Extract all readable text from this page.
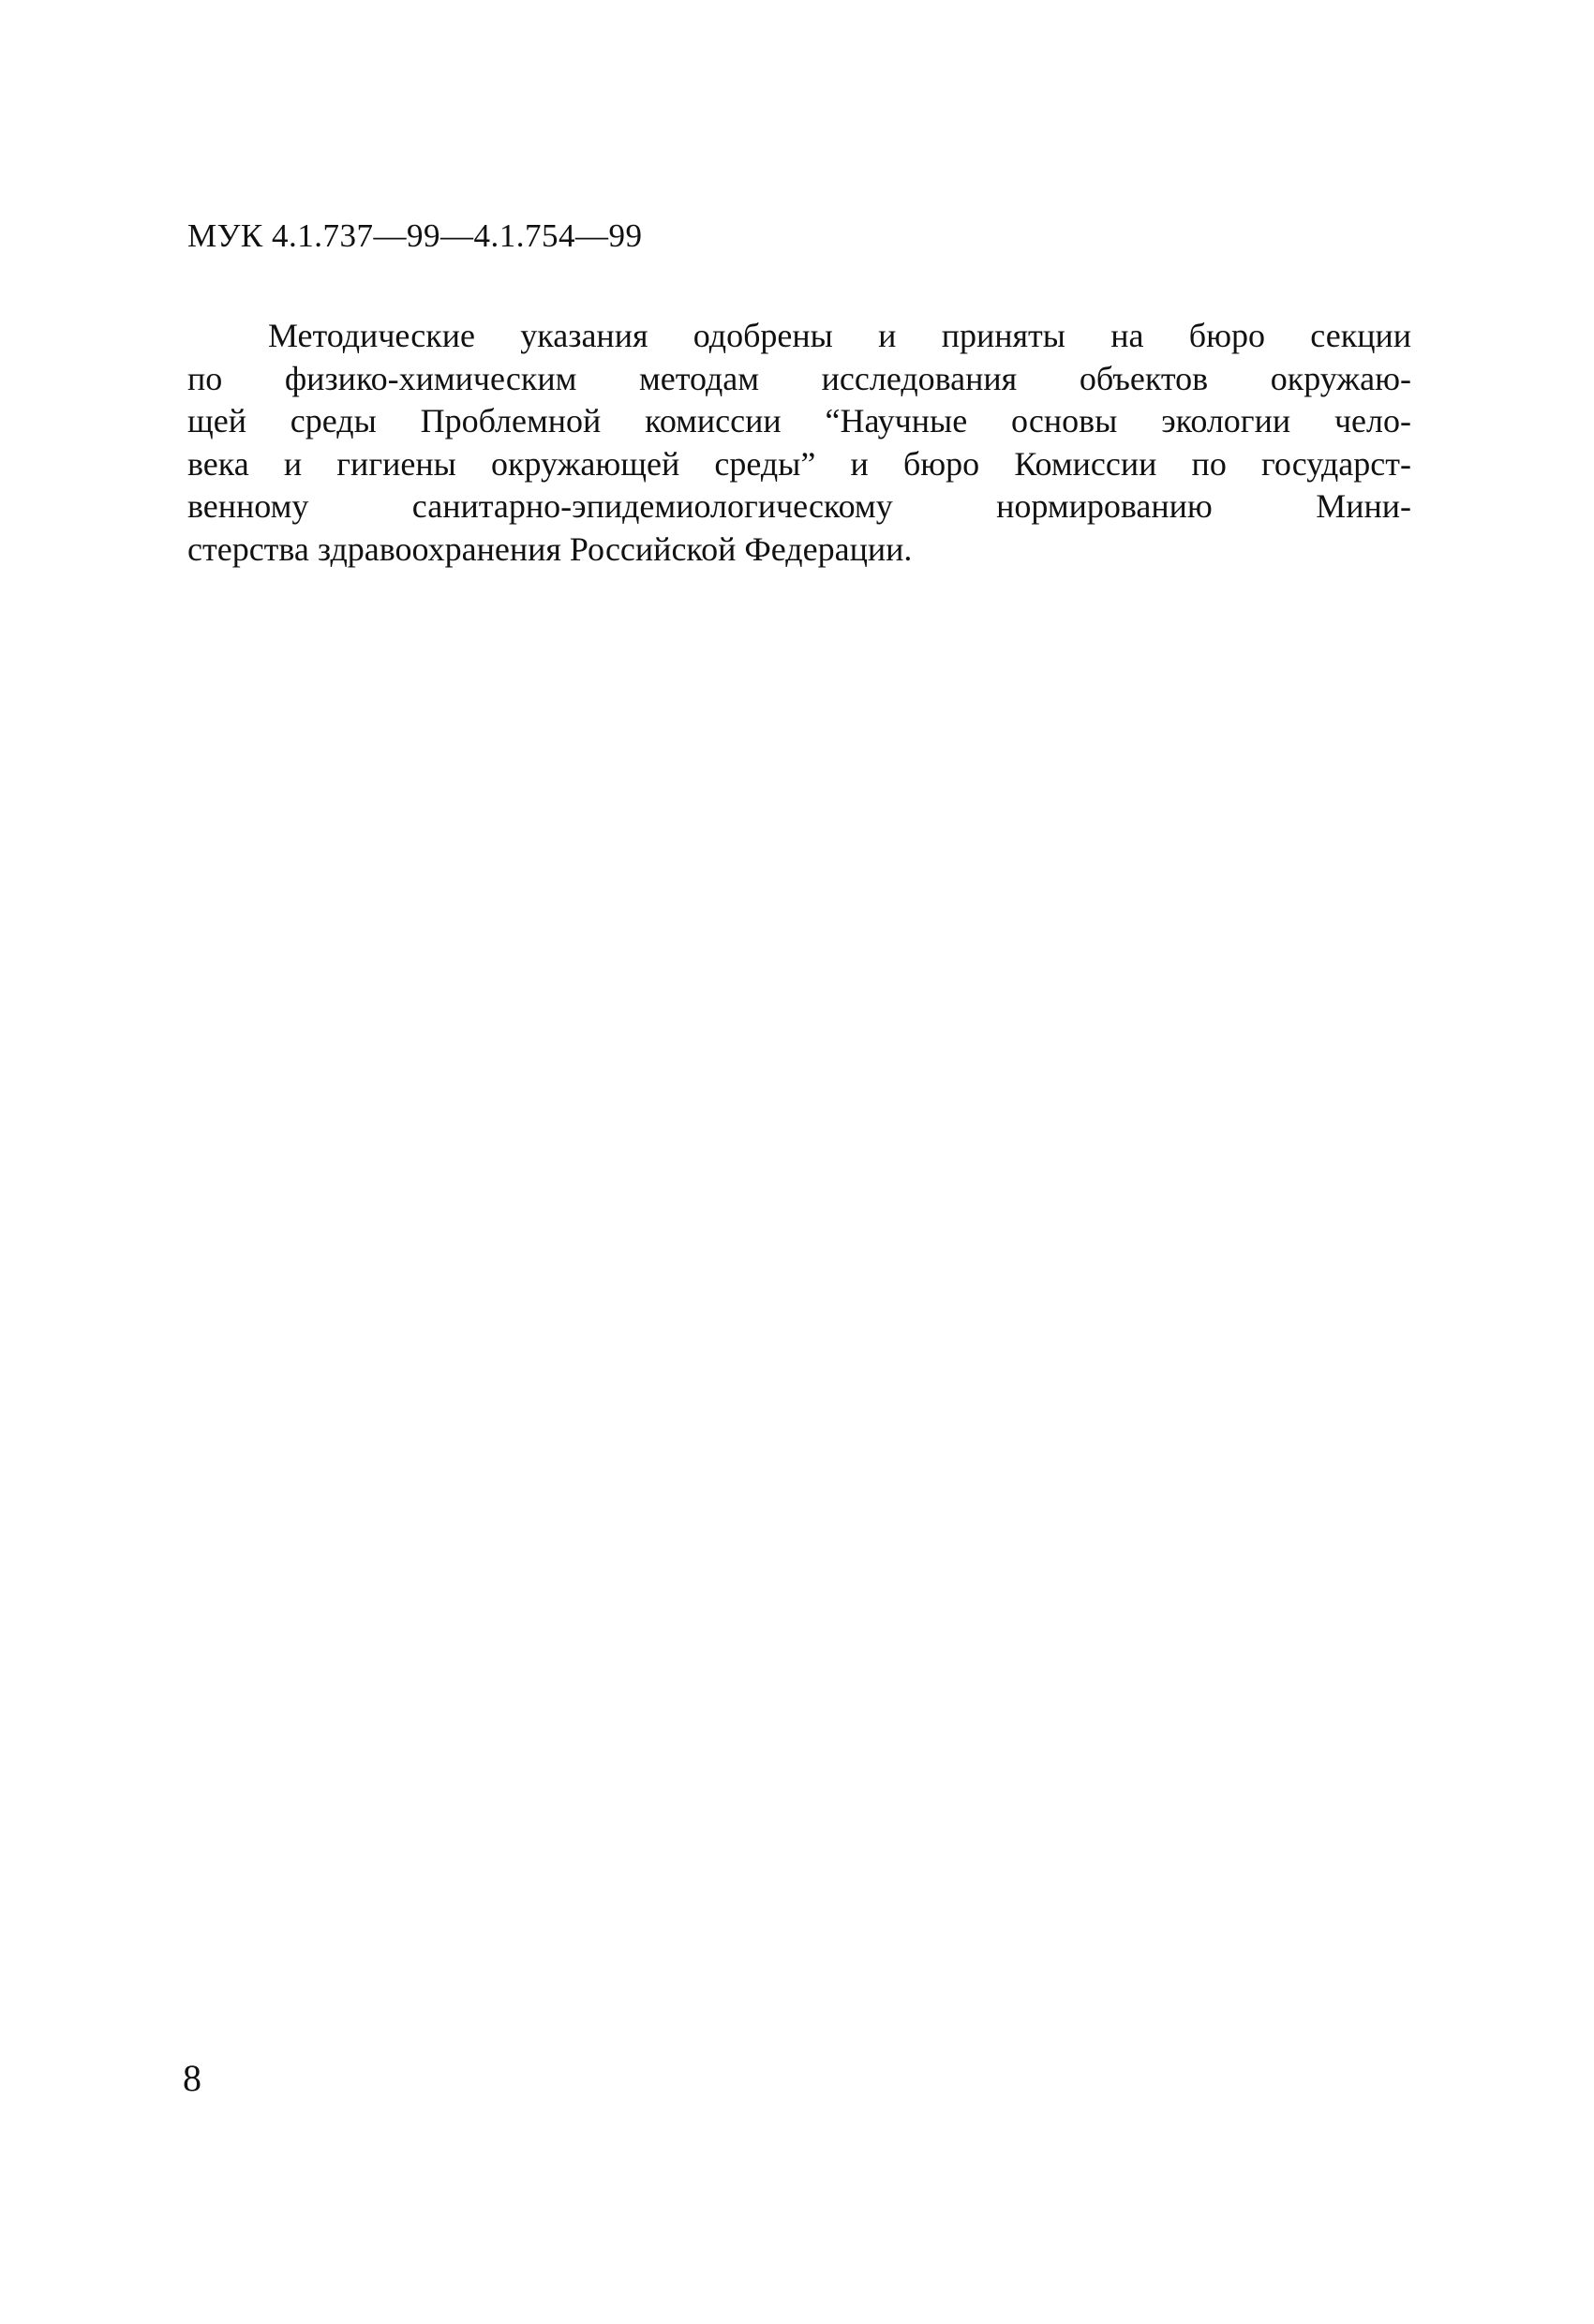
МУК 4.1.737—99—4.1.754—99
Методические указания одобрены и приняты на бюро секции
по физико-химическим методам исследования объектов окружаю-
щей среды Проблемной комиссии “Научные основы экологии чело-
века и гигиены окружающей среды” и бюро Комиссии по государст-
венному санитарно-эпидемиологическому нормированию Мини-
стерства здравоохранения Российской Федерации.
8
